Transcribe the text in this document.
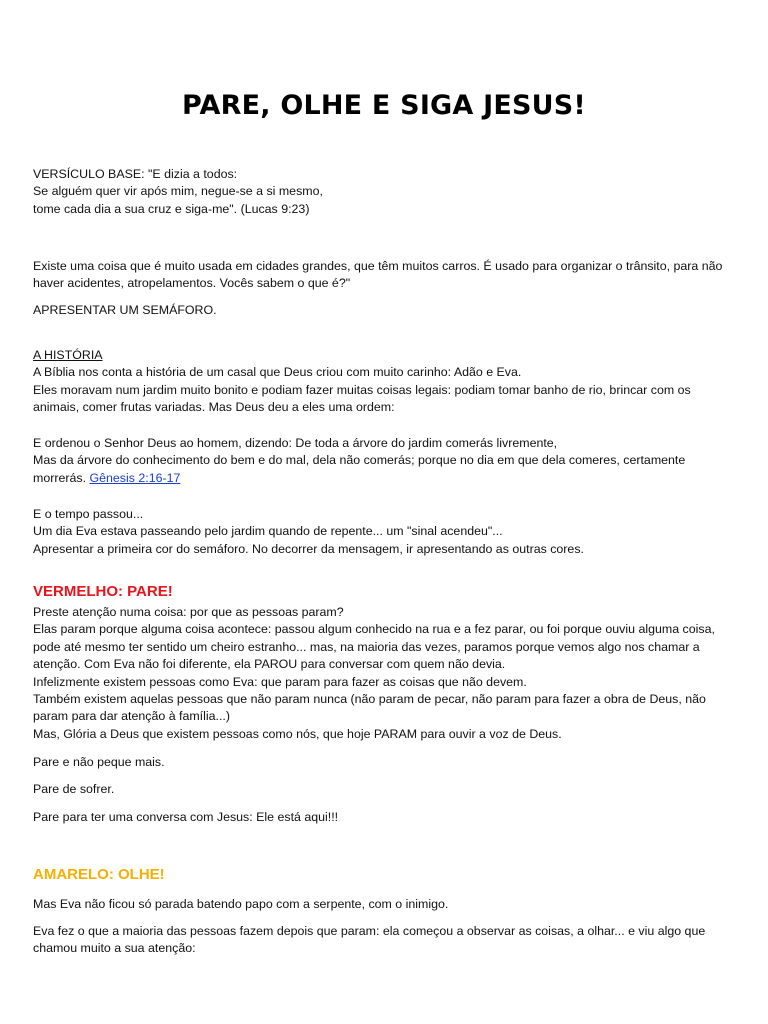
PARE, OLHE E SIGA JESUS!

VERSÍCULO BASE: "E dizia a todos:

Se alguém quer vir após mim, negue-se a si mesmo,

tome cada dia a sua cruz e siga-me". (Lucas 9:23)

Existe uma coisa que é muito usada em cidades grandes, que têm muitos carros. É usado para organizar o trânsito, para não haver acidentes, atropelamentos. Vocês sabem o que é?"

APRESENTAR UM SEMÁFORO.

A HISTÓRIA

A Bíblia nos conta a história de um casal que Deus criou com muito carinho: Adão e Eva.

Eles moravam num jardim muito bonito e podiam fazer muitas coisas legais: podiam tomar banho de rio, brincar com os animais, comer frutas variadas. Mas Deus deu a eles uma ordem:

E ordenou o Senhor Deus ao homem, dizendo: De toda a árvore do jardim comerás livremente,

Mas da árvore do conhecimento do bem e do mal, dela não comerás; porque no dia em que dela comeres, certamente morrerás. Gênesis 2:16-17

E o tempo passou...

Um dia Eva estava passeando pelo jardim quando de repente... um "sinal acendeu"...

Apresentar a primeira cor do semáforo. No decorrer da mensagem, ir apresentando as outras cores.

VERMELHO: PARE!

Preste atenção numa coisa: por que as pessoas param?

Elas param porque alguma coisa acontece: passou algum conhecido na rua e a fez parar, ou foi porque ouviu alguma coisa, pode até mesmo ter sentido um cheiro estranho... mas, na maioria das vezes, paramos porque vemos algo nos chamar a atenção. Com Eva não foi diferente, ela PAROU para conversar com quem não devia.

Infelizmente existem pessoas como Eva: que param para fazer as coisas que não devem.

Também existem aquelas pessoas que não param nunca (não param de pecar, não param para fazer a obra de Deus, não param para dar atenção à família...)

Mas, Glória a Deus que existem pessoas como nós, que hoje PARAM para ouvir a voz de Deus.

Pare e não peque mais.

Pare de sofrer.

Pare para ter uma conversa com Jesus: Ele está aqui!!!

AMARELO: OLHE!

Mas Eva não ficou só parada batendo papo com a serpente, com o inimigo.

Eva fez o que a maioria das pessoas fazem depois que param: ela começou a observar as coisas, a olhar... e viu algo que chamou muito a sua atenção:
